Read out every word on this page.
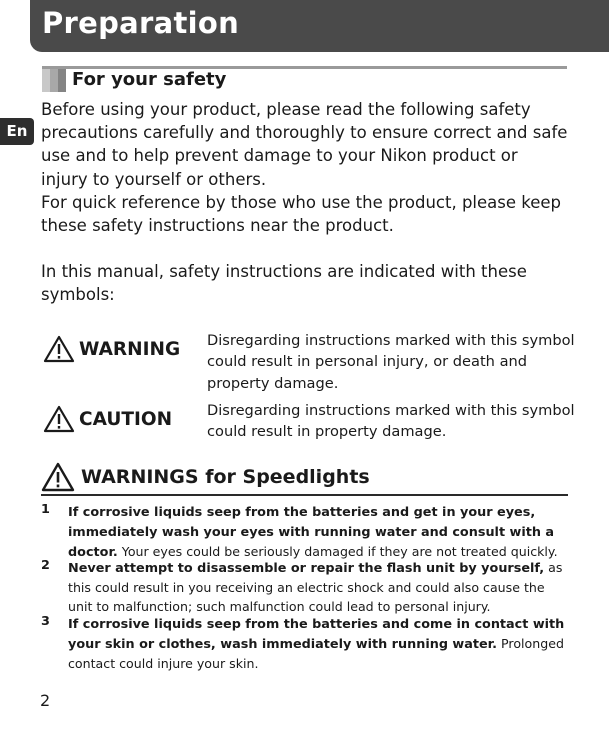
Preparation
En
For your safety

Before using your product, please read the following safety precautions carefully and thoroughly to ensure correct and safe use and to help prevent damage to your Nikon product or injury to yourself or others.

For quick reference by those who use the product, please keep these safety instructions near the product.

In this manual, safety instructions are indicated with these symbols:

WARNING Disregarding instructions marked with this symbol could result in personal injury, or death and property damage.
CAUTION Disregarding instructions marked with this symbol could result in property damage.
WARNINGS for Speedlights
1 If corrosive liquids seep from the batteries and get in your eyes, immediately wash your eyes with running water and consult with a doctor. Your eyes could be seriously damaged if they are not treated quickly.
2 Never attempt to disassemble or repair the flash unit by yourself, as this could result in you receiving an electric shock and could also cause the unit to malfunction; such malfunction could lead to personal injury.
3 If corrosive liquids seep from the batteries and come in contact with your skin or clothes, wash immediately with running water. Prolonged contact could injure your skin.
2
